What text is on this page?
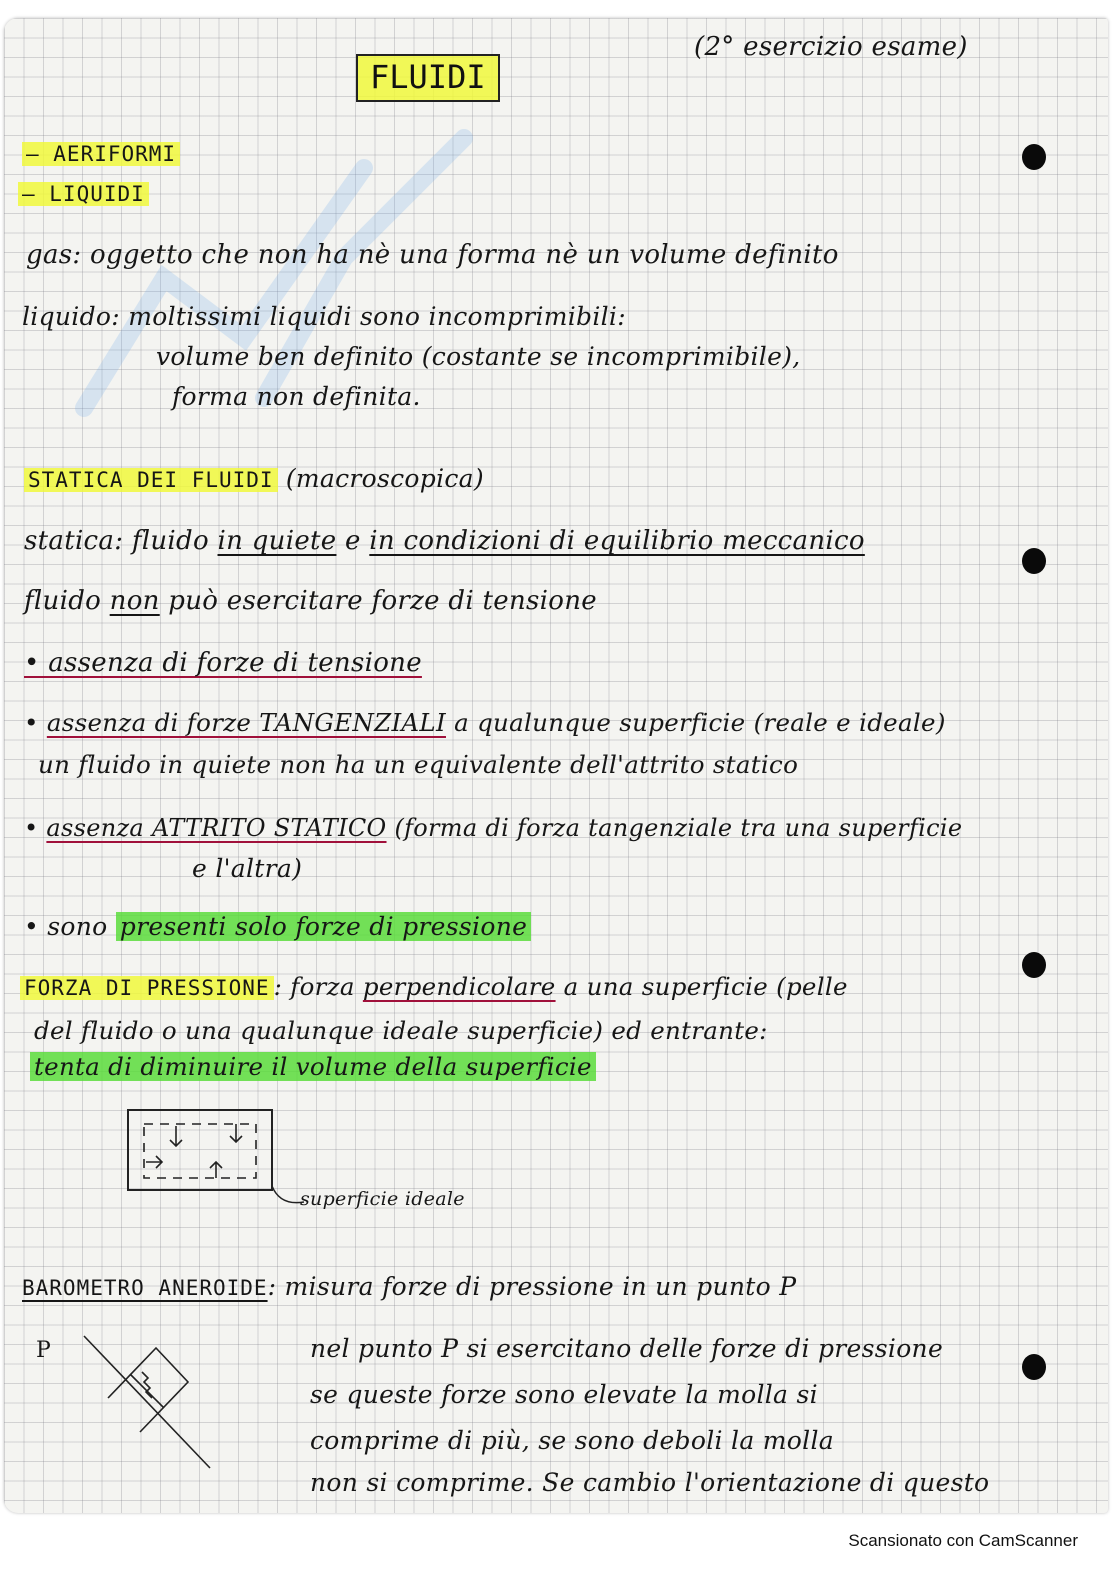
FLUIDI
(2° esercizio esame)
– AERIFORMI
– LIQUIDI
gas: oggetto che non ha nè una forma nè un volume definito
liquido: moltissimi liquidi sono incomprimibili:
volume ben definito (costante se incomprimibile),
forma non definita.
STATICA DEI FLUIDI (macroscopica)
statica: fluido in quiete e in condizioni di equilibrio meccanico
fluido non può esercitare forze di tensione
• assenza di forze di tensione
• assenza di forze TANGENZIALI a qualunque superficie (reale e ideale)
un fluido in quiete non ha un equivalente dell'attrito statico
• assenza ATTRITO STATICO (forma di forza tangenziale tra una superficie
e l'altra)
• sono presenti solo forze di pressione
FORZA DI PRESSIONE : forza perpendicolare a una superficie (pelle
del fluido o una qualunque ideale superficie) ed entrante:
tenta di diminuire il volume della superficie
superficie ideale
BAROMETRO ANEROIDE: misura forze di pressione in un punto P
P	nel punto P si esercitano delle forze di pressione
se queste forze sono elevate la molla si
comprime di più, se sono deboli la molla
non si comprime. Se cambio l'orientazione di questo
Scansionato con CamScanner
